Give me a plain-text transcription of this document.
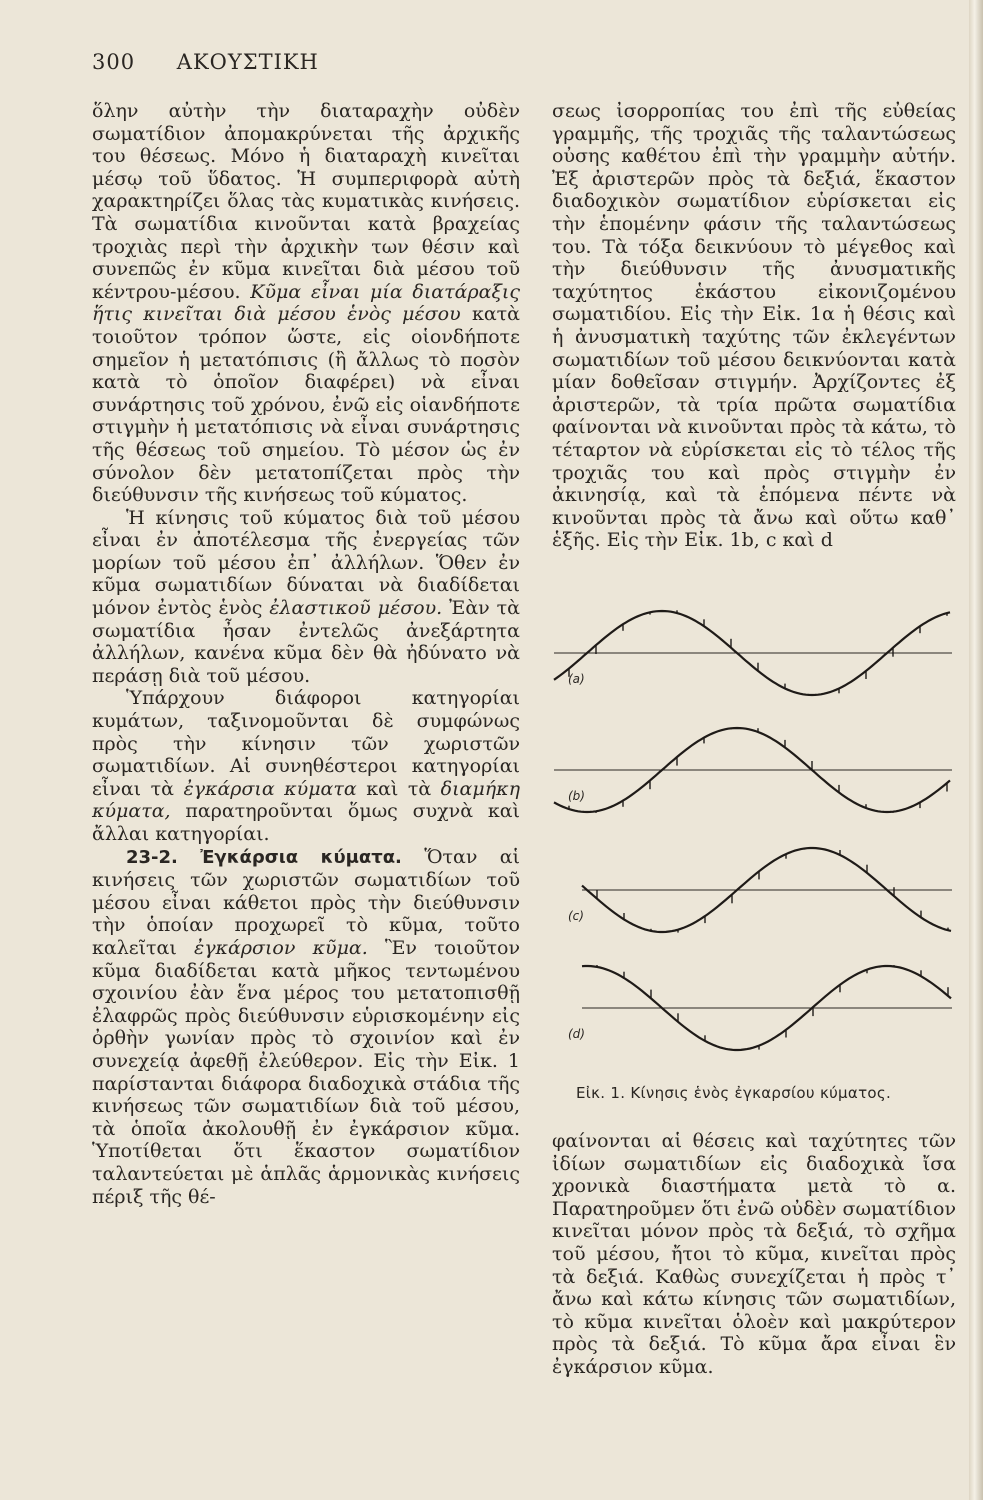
300 ΑΚΟΥΣΤΙΚΗ

ὅλην αὐτὴν τὴν διαταραχὴν οὐδὲν σωματίδιον ἀπομακρύνεται τῆς ἀρχικῆς του θέσεως. Μόνο ἡ διαταραχὴ κινεῖται μέσῳ τοῦ ὕδατος. Ἡ συμπεριφορὰ αὐτὴ χαρακτηρίζει ὅλας τὰς κυματικὰς κινήσεις. Τὰ σωματίδια κινοῦνται κατὰ βραχείας τροχιὰς περὶ τὴν ἀρχικὴν των θέσιν καὶ συνεπῶς ἐν κῦμα κινεῖται διὰ μέσου τοῦ κέντρου-μέσου. Κῦμα εἶναι μία διατάραξις ἥτις κινεῖται διὰ μέσου ἑνὸς μέσου κατὰ τοιοῦτον τρόπον ὥστε, εἰς οἱονδήποτε σημεῖον ἡ μετατόπισις (ἢ ἄλλως τὸ ποσὸν κατὰ τὸ ὁποῖον διαφέρει) νὰ εἶναι συνάρτησις τοῦ χρόνου, ἐνῶ εἰς οἱανδήποτε στιγμὴν ἡ μετατόπισις νὰ εἶναι συνάρτησις τῆς θέσεως τοῦ σημείου. Τὸ μέσον ὡς ἐν σύνολον δὲν μετατοπίζεται πρὸς τὴν διεύθυνσιν τῆς κινήσεως τοῦ κύματος.

Ἡ κίνησις τοῦ κύματος διὰ τοῦ μέσου εἶναι ἐν ἀποτέλεσμα τῆς ἐνεργείας τῶν μορίων τοῦ μέσου ἐπ᾽ ἀλλήλων. Ὅθεν ἐν κῦμα σωματιδίων δύναται νὰ διαδίδεται μόνον ἐντὸς ἑνὸς ἐλαστικοῦ μέσου. Ἐὰν τὰ σωματίδια ἦσαν ἐντελῶς ἀνεξάρτητα ἀλλήλων, κανένα κῦμα δὲν θὰ ἠδύνατο νὰ περάσῃ διὰ τοῦ μέσου.

Ὑπάρχουν διάφοροι κατηγορίαι κυμάτων, ταξινομοῦνται δὲ συμφώνως πρὸς τὴν κίνησιν τῶν χωριστῶν σωματιδίων. Αἱ συνηθέστεροι κατηγορίαι εἶναι τὰ ἐγκάρσια κύματα καὶ τὰ διαμήκη κύματα, παρατηροῦνται ὅμως συχνὰ καὶ ἄλλαι κατηγορίαι.

23-2. Ἐγκάρσια κύματα. Ὅταν αἱ κινήσεις τῶν χωριστῶν σωματιδίων τοῦ μέσου εἶναι κάθετοι πρὸς τὴν διεύθυνσιν τὴν ὁποίαν προχωρεῖ τὸ κῦμα, τοῦτο καλεῖται ἐγκάρσιον κῦμα. Ἓν τοιοῦτον κῦμα διαδίδεται κατὰ μῆκος τεντωμένου σχοινίου ἐὰν ἕνα μέρος του μετατοπισθῇ ἐλαφρῶς πρὸς διεύθυνσιν εὑρισκομένην εἰς ὀρθὴν γωνίαν πρὸς τὸ σχοινίον καὶ ἐν συνεχείᾳ ἀφεθῇ ἐλεύθερον. Εἰς τὴν Εἰκ. 1 παρίστανται διάφορα διαδοχικὰ στάδια τῆς κινήσεως τῶν σωματιδίων διὰ τοῦ μέσου, τὰ ὁποῖα ἀκολουθῇ ἐν ἐγκάρσιον κῦμα. Ὑποτίθεται ὅτι ἕκαστον σωματίδιον ταλαντεύεται μὲ ἁπλᾶς ἁρμονικὰς κινήσεις πέριξ τῆς θέ-

σεως ἰσορροπίας του ἐπὶ τῆς εὐθείας γραμμῆς, τῆς τροχιᾶς τῆς ταλαντώσεως οὐσης καθέτου ἐπὶ τὴν γραμμὴν αὐτήν. Ἐξ ἀριστερῶν πρὸς τὰ δεξιά, ἕκαστον διαδοχικὸν σωματίδιον εὑρίσκεται εἰς τὴν ἑπομένην φάσιν τῆς ταλαντώσεως του. Τὰ τόξα δεικνύουν τὸ μέγεθος καὶ τὴν διεύθυνσιν τῆς ἀνυσματικῆς ταχύτητος ἑκάστου εἰκονιζομένου σωματιδίου. Εἰς τὴν Εἰκ. 1α ἡ θέσις καὶ ἡ ἀνυσματικὴ ταχύτης τῶν ἐκλεγέντων σωματιδίων τοῦ μέσου δεικνύονται κατὰ μίαν δοθεῖσαν στιγμήν. Ἀρχίζοντες ἐξ ἀριστερῶν, τὰ τρία πρῶτα σωματίδια φαίνονται νὰ κινοῦνται πρὸς τὰ κάτω, τὸ τέταρτον νὰ εὑρίσκεται εἰς τὸ τέλος τῆς τροχιᾶς του καὶ πρὸς στιγμὴν ἐν ἀκινησίᾳ, καὶ τὰ ἑπόμενα πέντε νὰ κινοῦνται πρὸς τὰ ἄνω καὶ οὕτω καθ᾽ ἑξῆς. Εἰς τὴν Εἰκ. 1b, c καὶ d

(a)
(b)
(c)
(d)
Εἰκ. 1. Κίνησις ἑνὸς ἐγκαρσίου κύματος.

φαίνονται αἱ θέσεις καὶ ταχύτητες τῶν ἰδίων σωματιδίων εἰς διαδοχικὰ ἴσα χρονικὰ διαστήματα μετὰ τὸ α. Παρατηροῦμεν ὅτι ἐνῶ οὐδὲν σωματίδιον κινεῖται μόνον πρὸς τὰ δεξιά, τὸ σχῆμα τοῦ μέσου, ἤτοι τὸ κῦμα, κινεῖται πρὸς τὰ δεξιά. Καθὼς συνεχίζεται ἡ πρὸς τ᾽ ἄνω καὶ κάτω κίνησις τῶν σωματιδίων, τὸ κῦμα κινεῖται ὁλοὲν καὶ μακρύτερον πρὸς τὰ δεξιά. Τὸ κῦμα ἄρα εἶναι ἓν ἐγκάρσιον κῦμα.
